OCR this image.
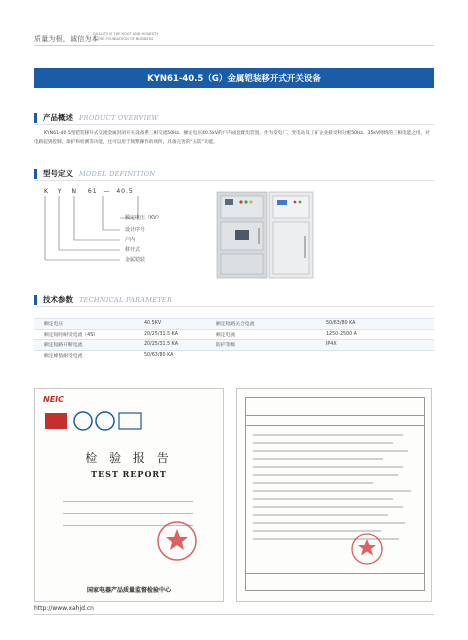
质量为根，诚信为本
QUALITY IS THE ROOT AND HONESTY
IS THE FOUNDATION OF BUSINESS
KYN61-40.5（G）金属铠装移开式开关设备
产品概述 PRODUCT OVERVIEW

KYN61-40.5型铠装移开式交流金属封闭开关设备系三相交流50Hz、额定电压40.5kV的户内成套配电装置。作为发电厂、变电站及工矿企业接受和分配50Hz、35kV网络的三相电能之用，对电路起到控制、保护和检测等功能，还可以用于频繁操作的场所，具备完善的“五防”功能。

型号定义 MODEL DEFINITION
K Y N 61 — 40.5
额定电压（KV）
设计序号
户内
移开式
金属铠装
技术参数 TECHNICAL PARAMETER
额定电压	40.5KV	额定短路关合电流	50/63/80 KA
额定短时耐受电流（4S）	20/25/31.5 KA	额定电流	1250-2500 A
额定短路开断电流	20/25/31.5 KA	防护等级	IP4X
额定峰值耐受电流	50/63/80 KA		
NEIC
检 验 报 告
TEST REPORT
国家电器产品质量监督检验中心
http://www.xahjd.cn
